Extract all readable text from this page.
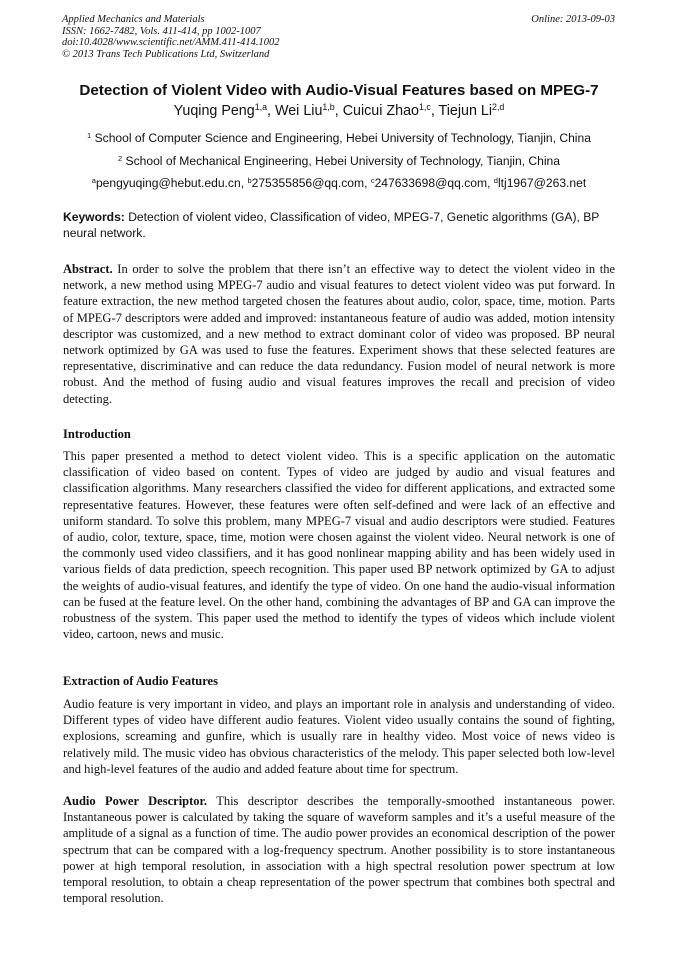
Applied Mechanics and Materials
ISSN: 1662-7482, Vols. 411-414, pp 1002-1007
doi:10.4028/www.scientific.net/AMM.411-414.1002
© 2013 Trans Tech Publications Ltd, Switzerland
Online: 2013-09-03
Detection of Violent Video with Audio-Visual Features based on MPEG-7
Yuqing Peng$^{1,a}$, Wei Liu$^{1,b}$, Cuicui Zhao$^{1,c}$, Tiejun Li$^{2,d}$
$^1$ School of Computer Science and Engineering, Hebei University of Technology, Tianjin, China
$^2$ School of Mechanical Engineering, Hebei University of Technology, Tianjin, China
$^a$pengyuqing@hebut.edu.cn, $^b$275355856@qq.com, $^c$247633698@qq.com, $^d$ltj1967@263.net
Keywords: Detection of violent video, Classification of video, MPEG-7, Genetic algorithms (GA), BP neural network.
Abstract. In order to solve the problem that there isn’t an effective way to detect the violent video in the network, a new method using MPEG-7 audio and visual features to detect violent video was put forward. In feature extraction, the new method targeted chosen the features about audio, color, space, time, motion. Parts of MPEG-7 descriptors were added and improved: instantaneous feature of audio was added, motion intensity descriptor was customized, and a new method to extract dominant color of video was proposed. BP neural network optimized by GA was used to fuse the features. Experiment shows that these selected features are representative, discriminative and can reduce the data redundancy. Fusion model of neural network is more robust. And the method of fusing audio and visual features improves the recall and precision of video detecting.
Introduction
This paper presented a method to detect violent video. This is a specific application on the automatic classification of video based on content. Types of video are judged by audio and visual features and classification algorithms. Many researchers classified the video for different applications, and extracted some representative features. However, these features were often self-defined and were lack of an effective and uniform standard. To solve this problem, many MPEG-7 visual and audio descriptors were studied. Features of audio, color, texture, space, time, motion were chosen against the violent video. Neural network is one of the commonly used video classifiers, and it has good nonlinear mapping ability and has been widely used in various fields of data prediction, speech recognition. This paper used BP network optimized by GA to adjust the weights of audio-visual features, and identify the type of video. On one hand the audio-visual information can be fused at the feature level. On the other hand, combining the advantages of BP and GA can improve the robustness of the system. This paper used the method to identify the types of videos which include violent video, cartoon, news and music.
Extraction of Audio Features
Audio feature is very important in video, and plays an important role in analysis and understanding of video. Different types of video have different audio features. Violent video usually contains the sound of fighting, explosions, screaming and gunfire, which is usually rare in healthy video. Most voice of news video is relatively mild. The music video has obvious characteristics of the melody. This paper selected both low-level and high-level features of the audio and added feature about time for spectrum.
Audio Power Descriptor. This descriptor describes the temporally-smoothed instantaneous power. Instantaneous power is calculated by taking the square of waveform samples and it’s a useful measure of the amplitude of a signal as a function of time. The audio power provides an economical description of the power spectrum that can be compared with a log-frequency spectrum. Another possibility is to store instantaneous power at high temporal resolution, in association with a high spectral resolution power spectrum at low temporal resolution, to obtain a cheap representation of the power spectrum that combines both spectral and temporal resolution.
